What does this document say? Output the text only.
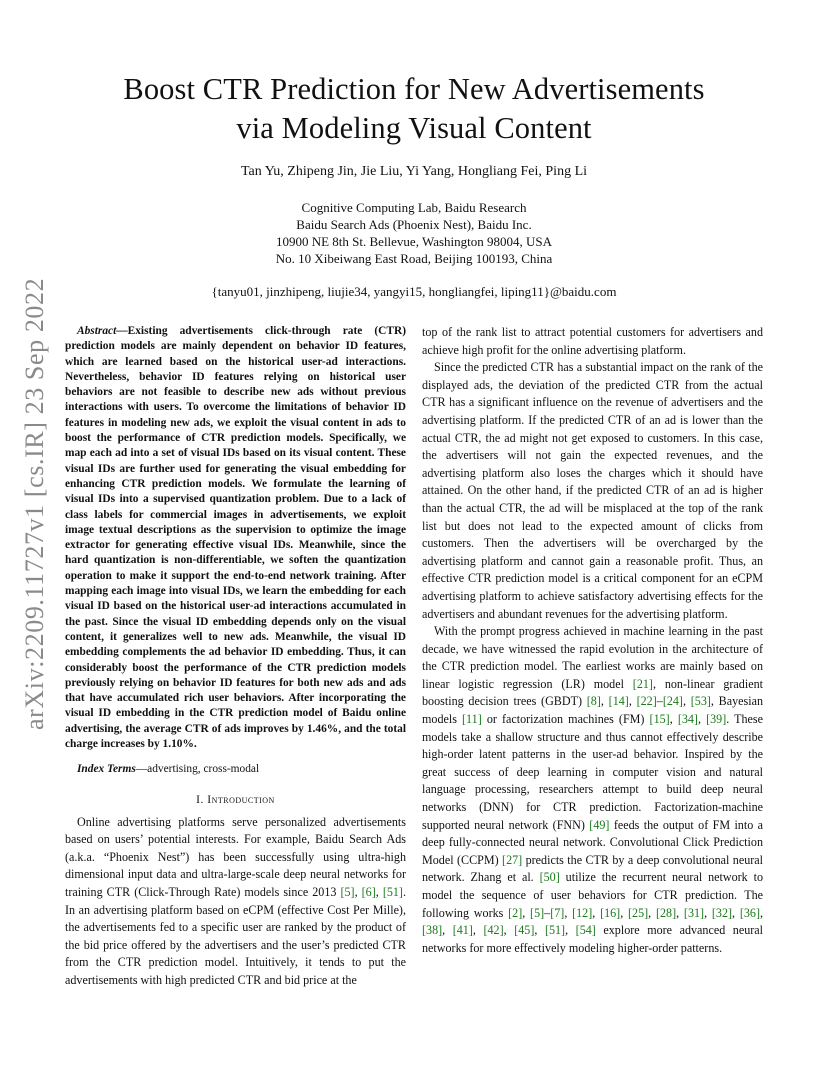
Boost CTR Prediction for New Advertisements
via Modeling Visual Content
Tan Yu, Zhipeng Jin, Jie Liu, Yi Yang, Hongliang Fei, Ping Li
Cognitive Computing Lab, Baidu Research
Baidu Search Ads (Phoenix Nest), Baidu Inc.
10900 NE 8th St. Bellevue, Washington 98004, USA
No. 10 Xibeiwang East Road, Beijing 100193, China
{tanyu01, jinzhipeng, liujie34, yangyi15, hongliangfei, liping11}@baidu.com
arXiv:2209.11727v1 [cs.IR] 23 Sep 2022	Abstract—Existing advertisements click-through rate (CTR) prediction models are mainly dependent on behavior ID features, which are learned based on the historical user-ad interactions. Nevertheless, behavior ID features relying on historical user behaviors are not feasible to describe new ads without previous interactions with users. To overcome the limitations of behavior ID features in modeling new ads, we exploit the visual content in ads to boost the performance of CTR prediction models. Specifically, we map each ad into a set of visual IDs based on its visual content. These visual IDs are further used for generating the visual embedding for enhancing CTR prediction models. We formulate the learning of visual IDs into a supervised quantization problem. Due to a lack of class labels for commercial images in advertisements, we exploit image textual descriptions as the supervision to optimize the image extractor for generating effective visual IDs. Meanwhile, since the hard quantization is non-differentiable, we soften the quantization operation to make it support the end-to-end network training. After mapping each image into visual IDs, we learn the embedding for each visual ID based on the historical user-ad interactions accumulated in the past. Since the visual ID embedding depends only on the visual content, it generalizes well to new ads. Meanwhile, the visual ID embedding complements the ad behavior ID embedding. Thus, it can considerably boost the performance of the CTR prediction models previously relying on behavior ID features for both new ads and ads that have accumulated rich user behaviors. After incorporating the visual ID embedding in the CTR prediction model of Baidu online advertising, the average CTR of ads improves by 1.46%, and the total charge increases by 1.10%.

Index Terms—advertising, cross-modal

I. Introduction

Online advertising platforms serve personalized advertisements based on users’ potential interests. For example, Baidu Search Ads (a.k.a. “Phoenix Nest”) has been successfully using ultra-high dimensional input data and ultra-large-scale deep neural networks for training CTR (Click-Through Rate) models since 2013 [5], [6], [51]. In an advertising platform based on eCPM (effective Cost Per Mille), the advertisements fed to a specific user are ranked by the product of the bid price offered by the advertisers and the user’s predicted CTR from the CTR prediction model. Intuitively, it tends to put the advertisements with high predicted CTR and bid price at the

top of the rank list to attract potential customers for advertisers and achieve high profit for the online advertising platform.

Since the predicted CTR has a substantial impact on the rank of the displayed ads, the deviation of the predicted CTR from the actual CTR has a significant influence on the revenue of advertisers and the advertising platform. If the predicted CTR of an ad is lower than the actual CTR, the ad might not get exposed to customers. In this case, the advertisers will not gain the expected revenues, and the advertising platform also loses the charges which it should have attained. On the other hand, if the predicted CTR of an ad is higher than the actual CTR, the ad will be misplaced at the top of the rank list but does not lead to the expected amount of clicks from customers. Then the advertisers will be overcharged by the advertising platform and cannot gain a reasonable profit. Thus, an effective CTR prediction model is a critical component for an eCPM advertising platform to achieve satisfactory advertising effects for the advertisers and abundant revenues for the advertising platform.

With the prompt progress achieved in machine learning in the past decade, we have witnessed the rapid evolution in the architecture of the CTR prediction model. The earliest works are mainly based on linear logistic regression (LR) model [21], non-linear gradient boosting decision trees (GBDT) [8], [14], [22]–[24], [53], Bayesian models [11] or factorization machines (FM) [15], [34], [39]. These models take a shallow structure and thus cannot effectively describe high-order latent patterns in the user-ad behavior. Inspired by the great success of deep learning in computer vision and natural language processing, researchers attempt to build deep neural networks (DNN) for CTR prediction. Factorization-machine supported neural network (FNN) [49] feeds the output of FM into a deep fully-connected neural network. Convolutional Click Prediction Model (CCPM) [27] predicts the CTR by a deep convolutional neural network. Zhang et al. [50] utilize the recurrent neural network to model the sequence of user behaviors for CTR prediction. The following works [2], [5]–[7], [12], [16], [25], [28], [31], [32], [36], [38], [41], [42], [45], [51], [54] explore more advanced neural networks for more effectively modeling higher-order patterns.
